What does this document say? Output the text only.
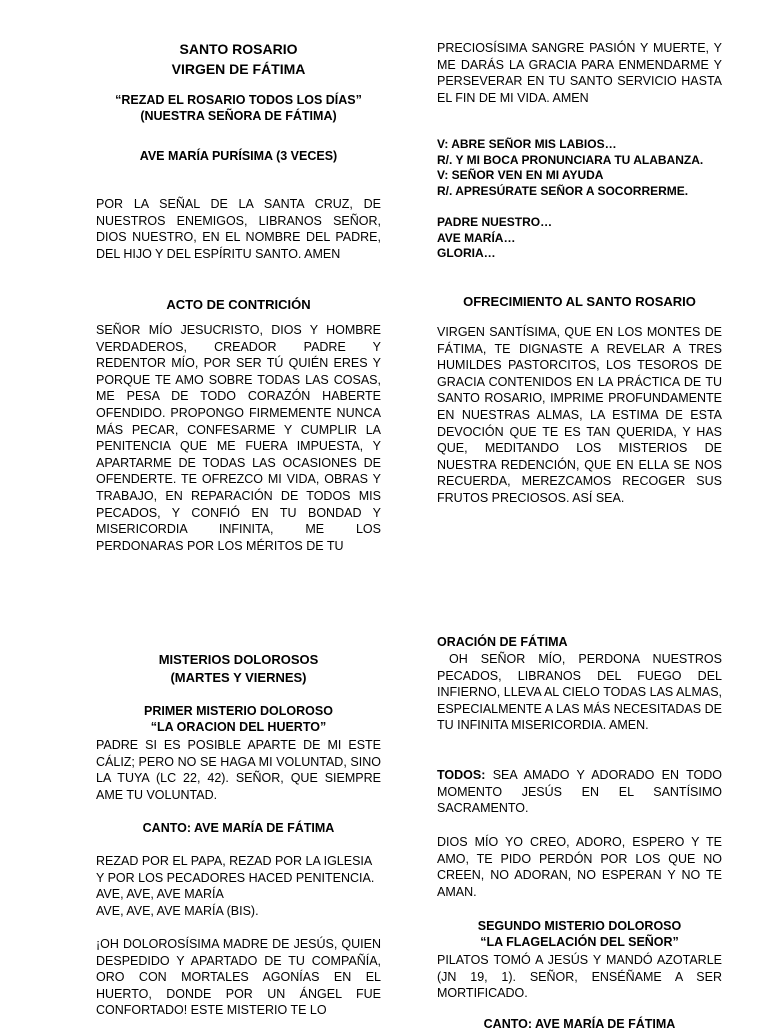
SANTO ROSARIO
VIRGEN DE FÁTIMA
“REZAD EL ROSARIO TODOS LOS DÍAS”
(NUESTRA SEÑORA DE FÁTIMA)
AVE MARÍA PURÍSIMA (3 VECES)
POR LA SEÑAL DE LA SANTA CRUZ, DE NUESTROS ENEMIGOS, LIBRANOS SEÑOR, DIOS NUESTRO, EN EL NOMBRE DEL PADRE, DEL HIJO Y DEL ESPÍRITU SANTO. AMEN
ACTO DE CONTRICIÓN
SEÑOR MÍO JESUCRISTO, DIOS Y HOMBRE VERDADEROS, CREADOR PADRE Y REDENTOR MÍO, POR SER TÚ QUIÉN ERES Y PORQUE TE AMO SOBRE TODAS LAS COSAS, ME PESA DE TODO CORAZÓN HABERTE OFENDIDO. PROPONGO FIRMEMENTE NUNCA MÁS PECAR, CONFESARME Y CUMPLIR LA PENITENCIA QUE ME FUERA IMPUESTA, Y APARTARME DE TODAS LAS OCASIONES DE OFENDERTE. TE OFREZCO MI VIDA, OBRAS Y TRABAJO, EN REPARACIÓN DE TODOS MIS PECADOS, Y CONFIÓ EN TU BONDAD Y MISERICORDIA INFINITA, ME LOS PERDONARAS POR LOS MÉRITOS DE TU
PRECIOSÍSIMA SANGRE PASIÓN Y MUERTE, Y ME DARÁS LA GRACIA PARA ENMENDARME Y PERSEVERAR EN TU SANTO SERVICIO HASTA EL FIN DE MI VIDA. AMEN
V: ABRE SEÑOR MIS LABIOS…
R/. Y MI BOCA PRONUNCIARA TU ALABANZA.
V: SEÑOR VEN EN MI AYUDA
R/. APRESÚRATE SEÑOR A SOCORRERME.
PADRE NUESTRO…
AVE MARÍA…
GLORIA…
OFRECIMIENTO AL SANTO ROSARIO
VIRGEN SANTÍSIMA, QUE EN LOS MONTES DE FÁTIMA, TE DIGNASTE A REVELAR A TRES HUMILDES PASTORCITOS, LOS TESOROS DE GRACIA CONTENIDOS EN LA PRÁCTICA DE TU SANTO ROSARIO, IMPRIME PROFUNDAMENTE EN NUESTRAS ALMAS, LA ESTIMA DE ESTA DEVOCIÓN QUE TE ES TAN QUERIDA, Y HAS QUE, MEDITANDO LOS MISTERIOS DE NUESTRA REDENCIÓN, QUE EN ELLA SE NOS RECUERDA, MEREZCAMOS RECOGER SUS FRUTOS PRECIOSOS. ASÍ SEA.
MISTERIOS DOLOROSOS
(MARTES Y VIERNES)
PRIMER MISTERIO DOLOROSO
“LA ORACION DEL HUERTO”
PADRE SI ES POSIBLE APARTE DE MI ESTE CÁLIZ; PERO NO SE HAGA MI VOLUNTAD, SINO LA TUYA (LC 22, 42). SEÑOR, QUE SIEMPRE AME TU VOLUNTAD.
CANTO: AVE MARÍA DE FÁTIMA
REZAD POR EL PAPA, REZAD POR LA IGLESIA
Y POR LOS PECADORES HACED PENITENCIA.
AVE, AVE, AVE MARÍA
AVE, AVE, AVE MARÍA (BIS).
¡OH DOLOROSÍSIMA MADRE DE JESÚS, QUIEN DESPEDIDO Y APARTADO DE TU COMPAÑÍA, ORO CON MORTALES AGONÍAS EN EL HUERTO, DONDE POR UN ÁNGEL FUE CONFORTADO! ESTE MISTERIO TE LO
ORACIÓN DE FÁTIMA
OH SEÑOR MÍO, PERDONA NUESTROS PECADOS, LIBRANOS DEL FUEGO DEL INFIERNO, LLEVA AL CIELO TODAS LAS ALMAS, ESPECIALMENTE A LAS MÁS NECESITADAS DE TU INFINITA MISERICORDIA. AMEN.
TODOS: SEA AMADO Y ADORADO EN TODO MOMENTO JESÚS EN EL SANTÍSIMO SACRAMENTO.
DIOS MÍO YO CREO, ADORO, ESPERO Y TE AMO, TE PIDO PERDÓN POR LOS QUE NO CREEN, NO ADORAN, NO ESPERAN Y NO TE AMAN.
SEGUNDO MISTERIO DOLOROSO
“LA FLAGELACIÓN DEL SEÑOR”
PILATOS TOMÓ A JESÚS Y MANDÓ AZOTARLE (JN 19, 1). SEÑOR, ENSÉÑAME A SER MORTIFICADO.
CANTO: AVE MARÍA DE FÁTIMA
